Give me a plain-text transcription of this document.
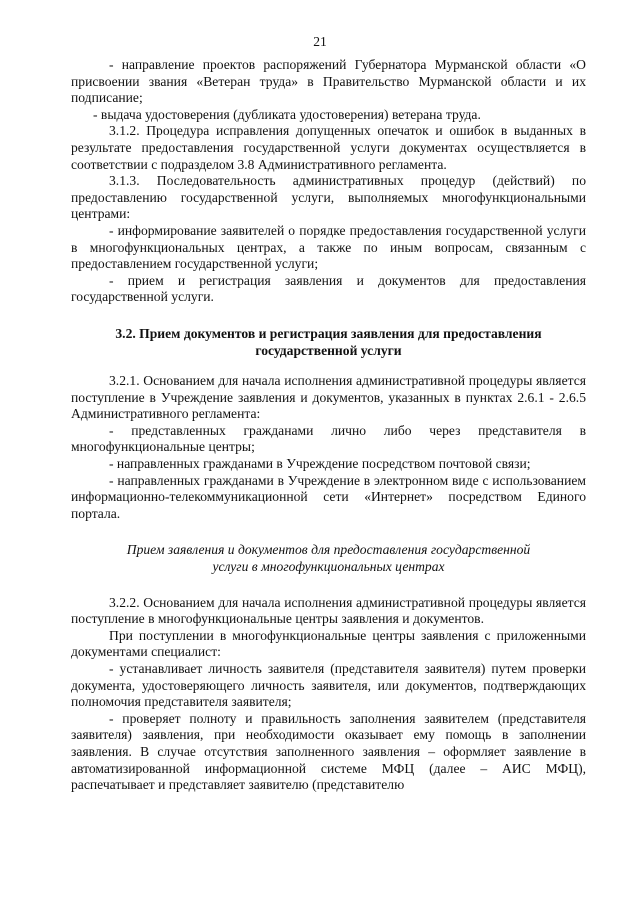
21

- направление проектов распоряжений Губернатора Мурманской области «О присвоении звания «Ветеран труда» в Правительство Мурманской области и их подписание;

- выдача удостоверения (дубликата удостоверения) ветерана труда.

3.1.2. Процедура исправления допущенных опечаток и ошибок в выданных в результате предоставления государственной услуги документах осуществляется в соответствии с подразделом 3.8 Административного регламента.

3.1.3. Последовательность административных процедур (действий) по предоставлению государственной услуги, выполняемых многофункциональными центрами:

- информирование заявителей о порядке предоставления государственной услуги в многофункциональных центрах, а также по иным вопросам, связанным с предоставлением государственной услуги;

- прием и регистрация заявления и документов для предоставления государственной услуги.

3.2. Прием документов и регистрация заявления для предоставления государственной услуги

3.2.1. Основанием для начала исполнения административной процедуры является поступление в Учреждение заявления и документов, указанных в пунктах 2.6.1 - 2.6.5 Административного регламента:

- представленных гражданами лично либо через представителя в многофункциональные центры;

- направленных гражданами в Учреждение посредством почтовой связи;

- направленных гражданами в Учреждение в электронном виде с использованием информационно-телекоммуникационной сети «Интернет» посредством Единого портала.

Прием заявления и документов для предоставления государственной услуги в многофункциональных центрах

3.2.2. Основанием для начала исполнения административной процедуры является поступление в многофункциональные центры заявления и документов.

При поступлении в многофункциональные центры заявления с приложенными документами специалист:

- устанавливает личность заявителя (представителя заявителя) путем проверки документа, удостоверяющего личность заявителя, или документов, подтверждающих полномочия представителя заявителя;

- проверяет полноту и правильность заполнения заявителем (представителя заявителя) заявления, при необходимости оказывает ему помощь в заполнении заявления. В случае отсутствия заполненного заявления – оформляет заявление в автоматизированной информационной системе МФЦ (далее – АИС МФЦ), распечатывает и представляет заявителю (представителю
